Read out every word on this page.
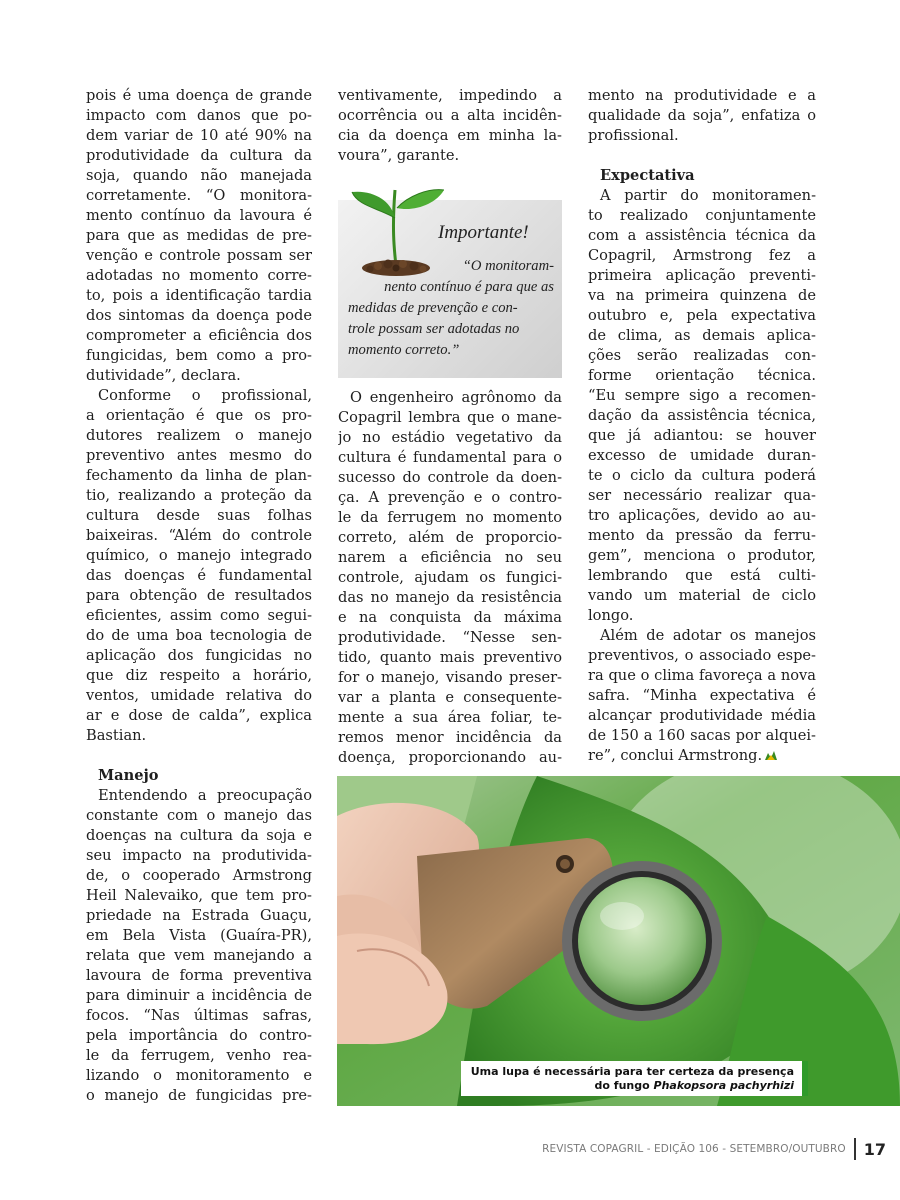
pois é uma doença de grande
impacto com danos que po-
dem variar de 10 até 90% na
produtividade da cultura da
soja, quando não manejada
corretamente. “O monitora-
mento contínuo da lavoura é
para que as medidas de pre-
venção e controle possam ser
adotadas no momento corre-
to, pois a identificação tardia
dos sintomas da doença pode
comprometer a eficiência dos
fungicidas, bem como a pro-
dutividade”, declara.
Conforme o profissional,
a orientação é que os pro-
dutores realizem o manejo
preventivo antes mesmo do
fechamento da linha de plan-
tio, realizando a proteção da
cultura desde suas folhas
baixeiras. “Além do controle
químico, o manejo integrado
das doenças é fundamental
para obtenção de resultados
eficientes, assim como segui-
do de uma boa tecnologia de
aplicação dos fungicidas no
que diz respeito a horário,
ventos, umidade relativa do
ar e dose de calda”, explica
Bastian.
Manejo
Entendendo a preocupação
constante com o manejo das
doenças na cultura da soja e
seu impacto na produtivida-
de, o cooperado Armstrong
Heil Nalevaiko, que tem pro-
priedade na Estrada Guaçu,
em Bela Vista (Guaíra-PR),
relata que vem manejando a
lavoura de forma preventiva
para diminuir a incidência de
focos. “Nas últimas safras,
pela importância do contro-
le da ferrugem, venho rea-
lizando o monitoramento e
o manejo de fungicidas pre-
ventivamente, impedindo a
ocorrência ou a alta incidên-
cia da doença em minha la-
voura”, garante.
O engenheiro agrônomo da
Copagril lembra que o mane-
jo no estádio vegetativo da
cultura é fundamental para o
sucesso do controle da doen-
ça. A prevenção e o contro-
le da ferrugem no momento
correto, além de proporcio-
narem a eficiência no seu
controle, ajudam os fungici-
das no manejo da resistência
e na conquista da máxima
produtividade. “Nesse sen-
tido, quanto mais preventivo
for o manejo, visando preser-
var a planta e consequente-
mente a sua área foliar, te-
remos menor incidência da
doença, proporcionando au-
Importante!
“O monitoram-
nento contínuo é para que as
medidas de prevenção e con-
trole possam ser adotadas no
momento correto.”
mento na produtividade e a
qualidade da soja”, enfatiza o
profissional.
Expectativa
A partir do monitoramen-
to realizado conjuntamente
com a assistência técnica da
Copagril, Armstrong fez a
primeira aplicação preventi-
va na primeira quinzena de
outubro e, pela expectativa
de clima, as demais aplica-
ções serão realizadas con-
forme orientação técnica.
“Eu sempre sigo a recomen-
dação da assistência técnica,
que já adiantou: se houver
excesso de umidade duran-
te o ciclo da cultura poderá
ser necessário realizar qua-
tro aplicações, devido ao au-
mento da pressão da ferru-
gem”, menciona o produtor,
lembrando que está culti-
vando um material de ciclo
longo.
Além de adotar os manejos
preventivos, o associado espe-
ra que o clima favoreça a nova
safra. “Minha expectativa é
alcançar produtividade média
de 150 a 160 sacas por alquei-
re”, conclui Armstrong.
Uma lupa é necessária para ter certeza da presença
do fungo Phakopsora pachyrhizi
REVISTA COPAGRIL - EDIÇÃO 106 - SETEMBRO/OUTUBRO 17
